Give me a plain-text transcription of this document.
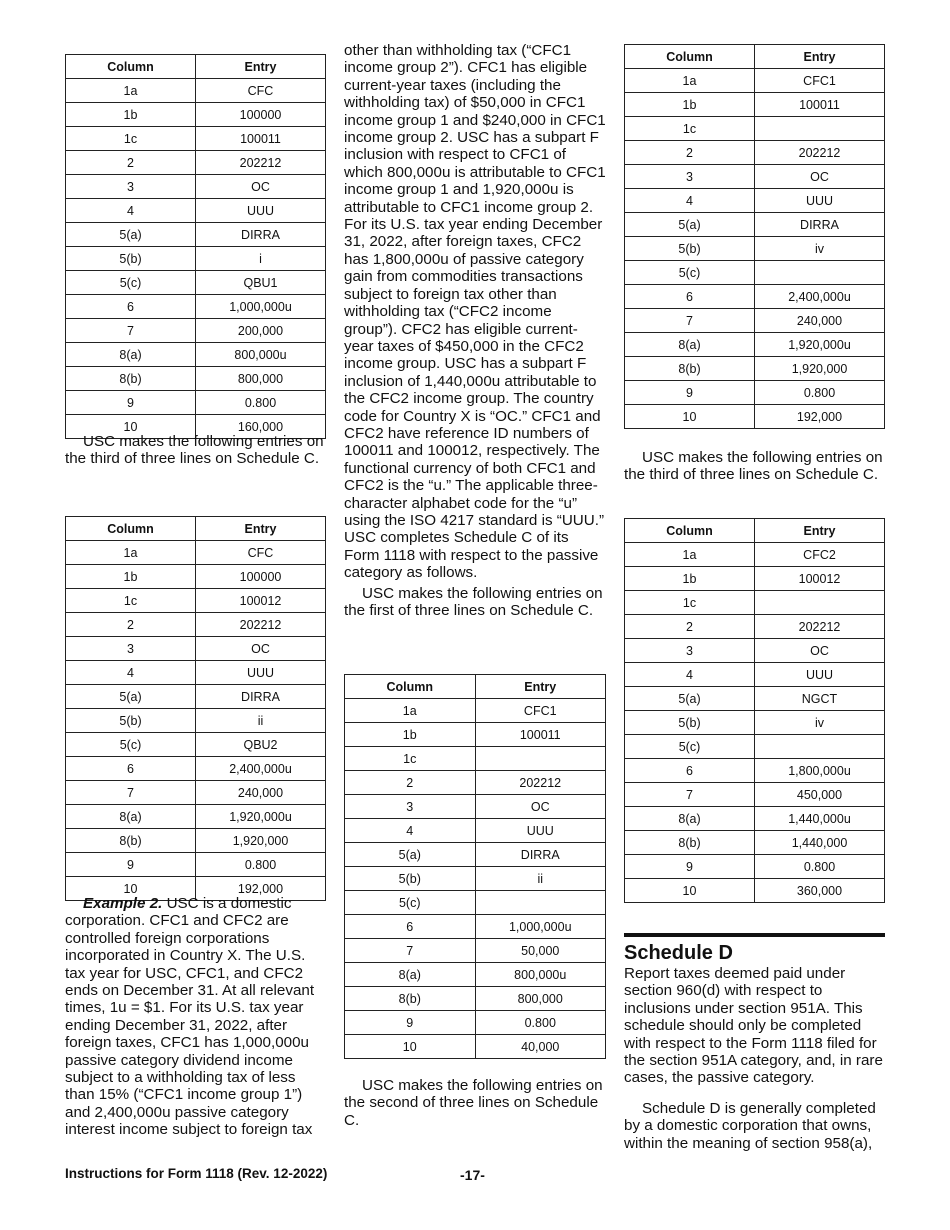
Column	Entry
1a	CFC
1b	100000
1c	100011
2	202212
3	OC
4	UUU
5(a)	DIRRA
5(b)	i
5(c)	QBU1
6	1,000,000u
7	200,000
8(a)	800,000u
8(b)	800,000
9	0.800
10	160,000

USC makes the following entries on the third of three lines on Schedule C.

Column	Entry
1a	CFC
1b	100000
1c	100012
2	202212
3	OC
4	UUU
5(a)	DIRRA
5(b)	ii
5(c)	QBU2
6	2,400,000u
7	240,000
8(a)	1,920,000u
8(b)	1,920,000
9	0.800
10	192,000

Example 2. USC is a domestic corporation. CFC1 and CFC2 are controlled foreign corporations incorporated in Country X. The U.S. tax year for USC, CFC1, and CFC2 ends on December 31. At all relevant times, 1u = $1. For its U.S. tax year ending December 31, 2022, after foreign taxes, CFC1 has 1,000,000u passive category dividend income subject to a withholding tax of less than 15% (“CFC1 income group 1”) and 2,400,000u passive category interest income subject to foreign tax

other than withholding tax (“CFC1 income group 2”). CFC1 has eligible current-year taxes (including the withholding tax) of $50,000 in CFC1 income group 1 and $240,000 in CFC1 income group 2. USC has a subpart F inclusion with respect to CFC1 of which 800,000u is attributable to CFC1 income group 1 and 1,920,000u is attributable to CFC1 income group 2. For its U.S. tax year ending December 31, 2022, after foreign taxes, CFC2 has 1,800,000u of passive category gain from commodities transactions subject to foreign tax other than withholding tax (“CFC2 income group”). CFC2 has eligible current-year taxes of $450,000 in the CFC2 income group. USC has a subpart F inclusion of 1,440,000u attributable to the CFC2 income group. The country code for Country X is “OC.” CFC1 and CFC2 have reference ID numbers of 100011 and 100012, respectively. The functional currency of both CFC1 and CFC2 is the “u.” The applicable three-character alphabet code for the “u” using the ISO 4217 standard is “UUU.” USC completes Schedule C of its Form 1118 with respect to the passive category as follows.

USC makes the following entries on the first of three lines on Schedule C.

Column	Entry
1a	CFC1
1b	100011
1c	
2	202212
3	OC
4	UUU
5(a)	DIRRA
5(b)	ii
5(c)	
6	1,000,000u
7	50,000
8(a)	800,000u
8(b)	800,000
9	0.800
10	40,000

USC makes the following entries on the second of three lines on Schedule C.

Column	Entry
1a	CFC1
1b	100011
1c	
2	202212
3	OC
4	UUU
5(a)	DIRRA
5(b)	iv
5(c)	
6	2,400,000u
7	240,000
8(a)	1,920,000u
8(b)	1,920,000
9	0.800
10	192,000

USC makes the following entries on the third of three lines on Schedule C.

Column	Entry
1a	CFC2
1b	100012
1c	
2	202212
3	OC
4	UUU
5(a)	NGCT
5(b)	iv
5(c)	
6	1,800,000u
7	450,000
8(a)	1,440,000u
8(b)	1,440,000
9	0.800
10	360,000
Schedule D

Report taxes deemed paid under section 960(d) with respect to inclusions under section 951A. This schedule should only be completed with respect to the Form 1118 filed for the section 951A category, and, in rare cases, the passive category.

Schedule D is generally completed by a domestic corporation that owns, within the meaning of section 958(a),

Instructions for Form 1118 (Rev. 12-2022)	-17-
